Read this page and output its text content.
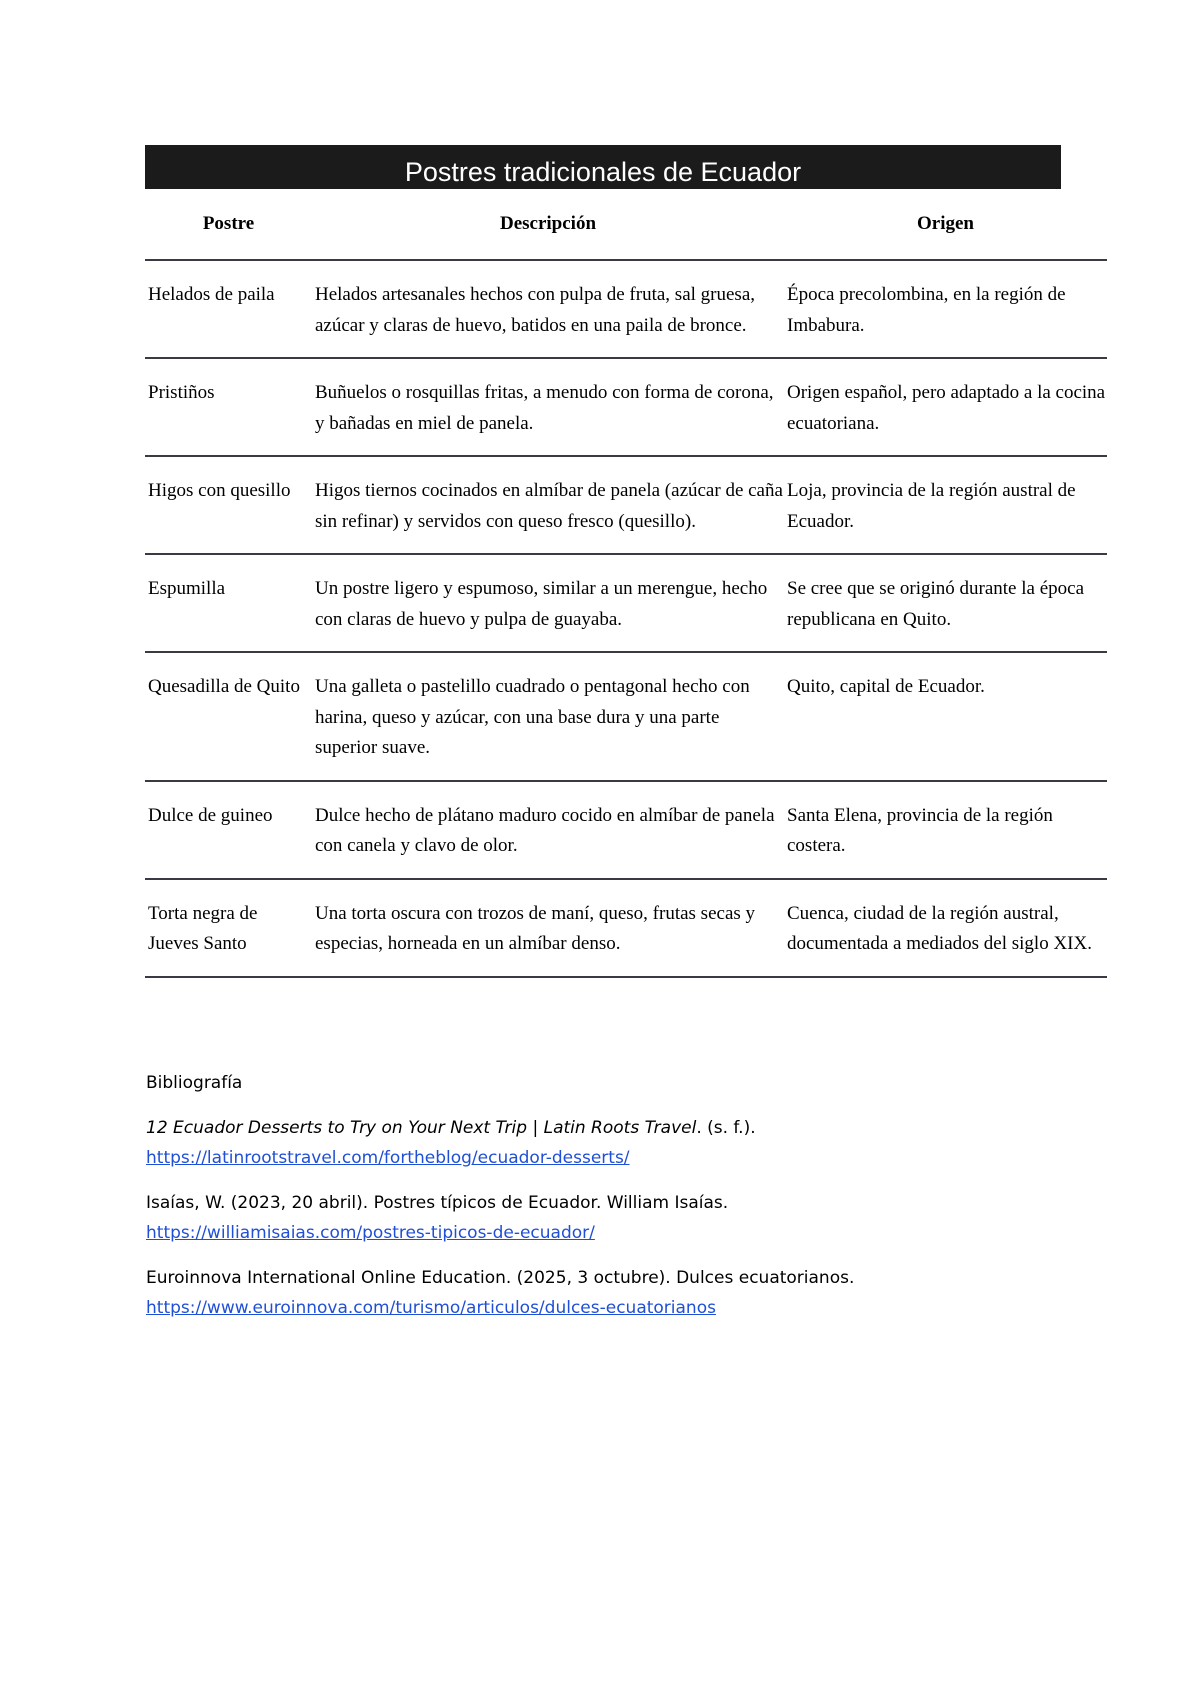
Postres tradicionales de Ecuador
Postre	Descripción	Origen
Helados de paila	Helados artesanales hechos con pulpa de fruta, sal gruesa, azúcar y claras de huevo, batidos en una paila de bronce.	Época precolombina, en la región de Imbabura.
Pristiños	Buñuelos o rosquillas fritas, a menudo con forma de corona, y bañadas en miel de panela.	Origen español, pero adaptado a la cocina ecuatoriana.
Higos con quesillo	Higos tiernos cocinados en almíbar de panela (azúcar de caña sin refinar) y servidos con queso fresco (quesillo).	Loja, provincia de la región austral de Ecuador.
Espumilla	Un postre ligero y espumoso, similar a un merengue, hecho con claras de huevo y pulpa de guayaba.	Se cree que se originó durante la época republicana en Quito.
Quesadilla de Quito	Una galleta o pastelillo cuadrado o pentagonal hecho con harina, queso y azúcar, con una base dura y una parte superior suave.	Quito, capital de Ecuador.
Dulce de guineo	Dulce hecho de plátano maduro cocido en almíbar de panela con canela y clavo de olor.	Santa Elena, provincia de la región costera.
Torta negra de Jueves Santo	Una torta oscura con trozos de maní, queso, frutas secas y especias, horneada en un almíbar denso.	Cuenca, ciudad de la región austral, documentada a mediados del siglo XIX.
Bibliografía
12 Ecuador Desserts to Try on Your Next Trip | Latin Roots Travel. (s. f.).
https://latinrootstravel.com/fortheblog/ecuador-desserts/
Isaías, W. (2023, 20 abril). Postres típicos de Ecuador. William Isaías.
https://williamisaias.com/postres-tipicos-de-ecuador/
Euroinnova International Online Education. (2025, 3 octubre). Dulces ecuatorianos.
https://www.euroinnova.com/turismo/articulos/dulces-ecuatorianos
